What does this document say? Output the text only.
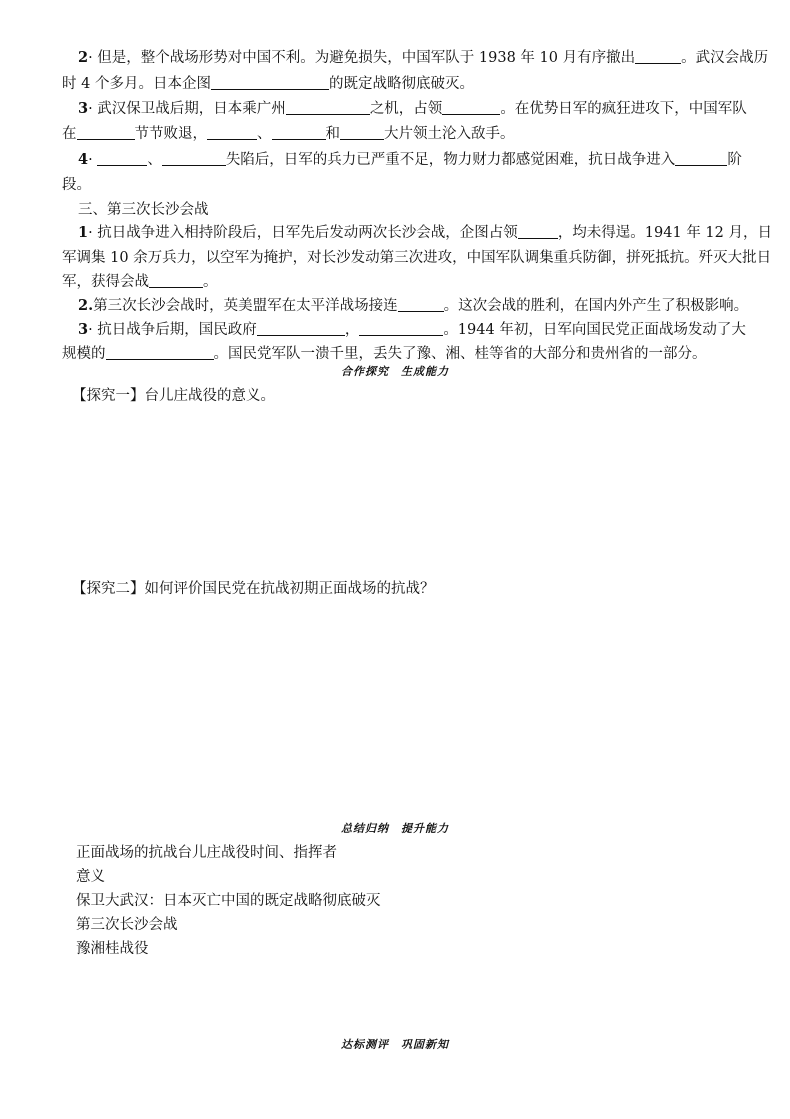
2· 但是，整个战场形势对中国不利。为避免损失，中国军队于 1938 年 10 月有序撤出	。武汉会战历
时 4 个多月。日本企图	的既定战略彻底破灭。
3· 武汉保卫战后期，日本乘广州	之机，占领	。在优势日军的疯狂进攻下，中国军队
在	节节败退，	、	和	大片领土沦入敌手。
4·	、	失陷后，日军的兵力已严重不足，物力财力都感觉困难，抗日战争进入	阶
段。
三、第三次长沙会战
1· 抗日战争进入相持阶段后，日军先后发动两次长沙会战，企图占领	，均未得逞。1941 年 12 月，日
军调集 10 余万兵力，以空军为掩护，对长沙发动第三次进攻，中国军队调集重兵防御，拼死抵抗。歼灭大批日
军，获得会战	。
2.第三次长沙会战时，英美盟军在太平洋战场接连	。这次会战的胜利，在国内外产生了积极影响。
3· 抗日战争后期，国民政府	，	。1944 年初，日军向国民党正面战场发动了大
规模的	。国民党军队一溃千里，丢失了豫、湘、桂等省的大部分和贵州省的一部分。
合作探究　生成能力
【探究一】台儿庄战役的意义。
【探究二】如何评价国民党在抗战初期正面战场的抗战？
总结归纳　提升能力
正面战场的抗战台儿庄战役时间、指挥者
意义
保卫大武汉：日本灭亡中国的既定战略彻底破灭
第三次长沙会战
豫湘桂战役
达标测评　巩固新知
